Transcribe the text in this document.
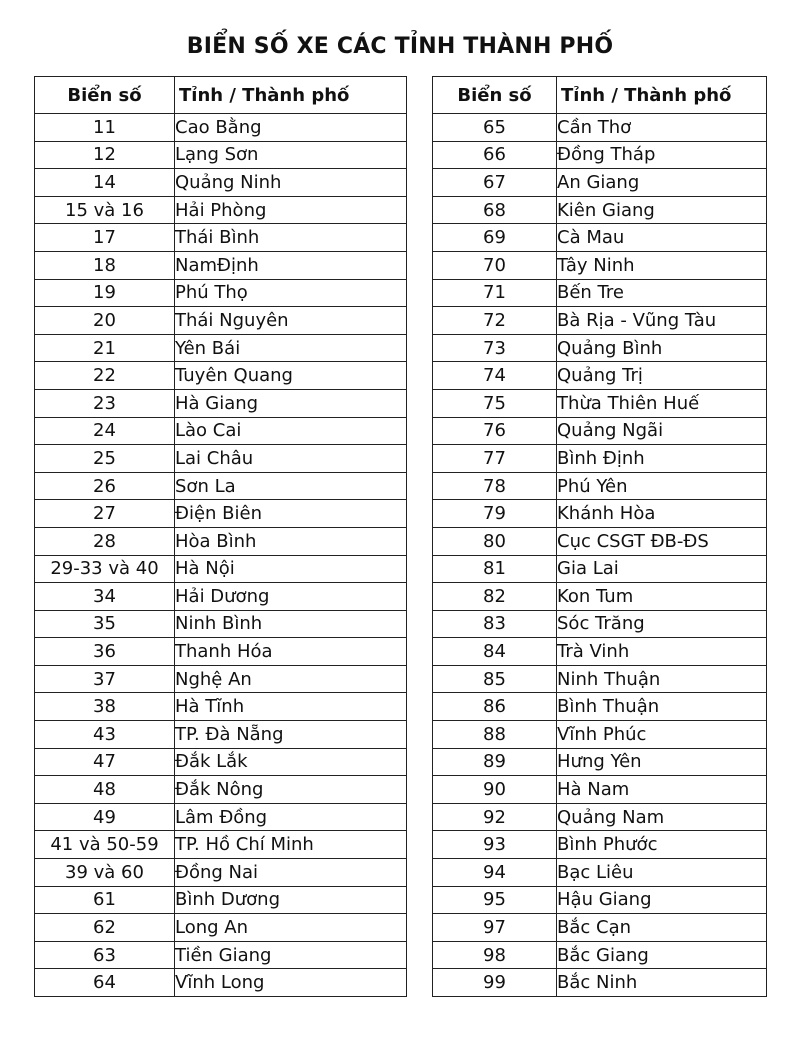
BIỂN SỐ XE CÁC TỈNH THÀNH PHỐ
Biển số	Tỉnh / Thành phố
11	Cao Bằng
12	Lạng Sơn
14	Quảng Ninh
15 và 16	Hải Phòng
17	Thái Bình
18	NamĐịnh
19	Phú Thọ
20	Thái Nguyên
21	Yên Bái
22	Tuyên Quang
23	Hà Giang
24	Lào Cai
25	Lai Châu
26	Sơn La
27	Điện Biên
28	Hòa Bình
29-33 và 40	Hà Nội
34	Hải Dương
35	Ninh Bình
36	Thanh Hóa
37	Nghệ An
38	Hà Tĩnh
43	TP. Đà Nẵng
47	Đắk Lắk
48	Đắk Nông
49	Lâm Đồng
41 và 50-59	TP. Hồ Chí Minh
39 và 60	Đồng Nai
61	Bình Dương
62	Long An
63	Tiền Giang
64	Vĩnh Long
Biển số	Tỉnh / Thành phố
65	Cần Thơ
66	Đồng Tháp
67	An Giang
68	Kiên Giang
69	Cà Mau
70	Tây Ninh
71	Bến Tre
72	Bà Rịa - Vũng Tàu
73	Quảng Bình
74	Quảng Trị
75	Thừa Thiên Huế
76	Quảng Ngãi
77	Bình Định
78	Phú Yên
79	Khánh Hòa
80	Cục CSGT ĐB-ĐS
81	Gia Lai
82	Kon Tum
83	Sóc Trăng
84	Trà Vinh
85	Ninh Thuận
86	Bình Thuận
88	Vĩnh Phúc
89	Hưng Yên
90	Hà Nam
92	Quảng Nam
93	Bình Phước
94	Bạc Liêu
95	Hậu Giang
97	Bắc Cạn
98	Bắc Giang
99	Bắc Ninh
